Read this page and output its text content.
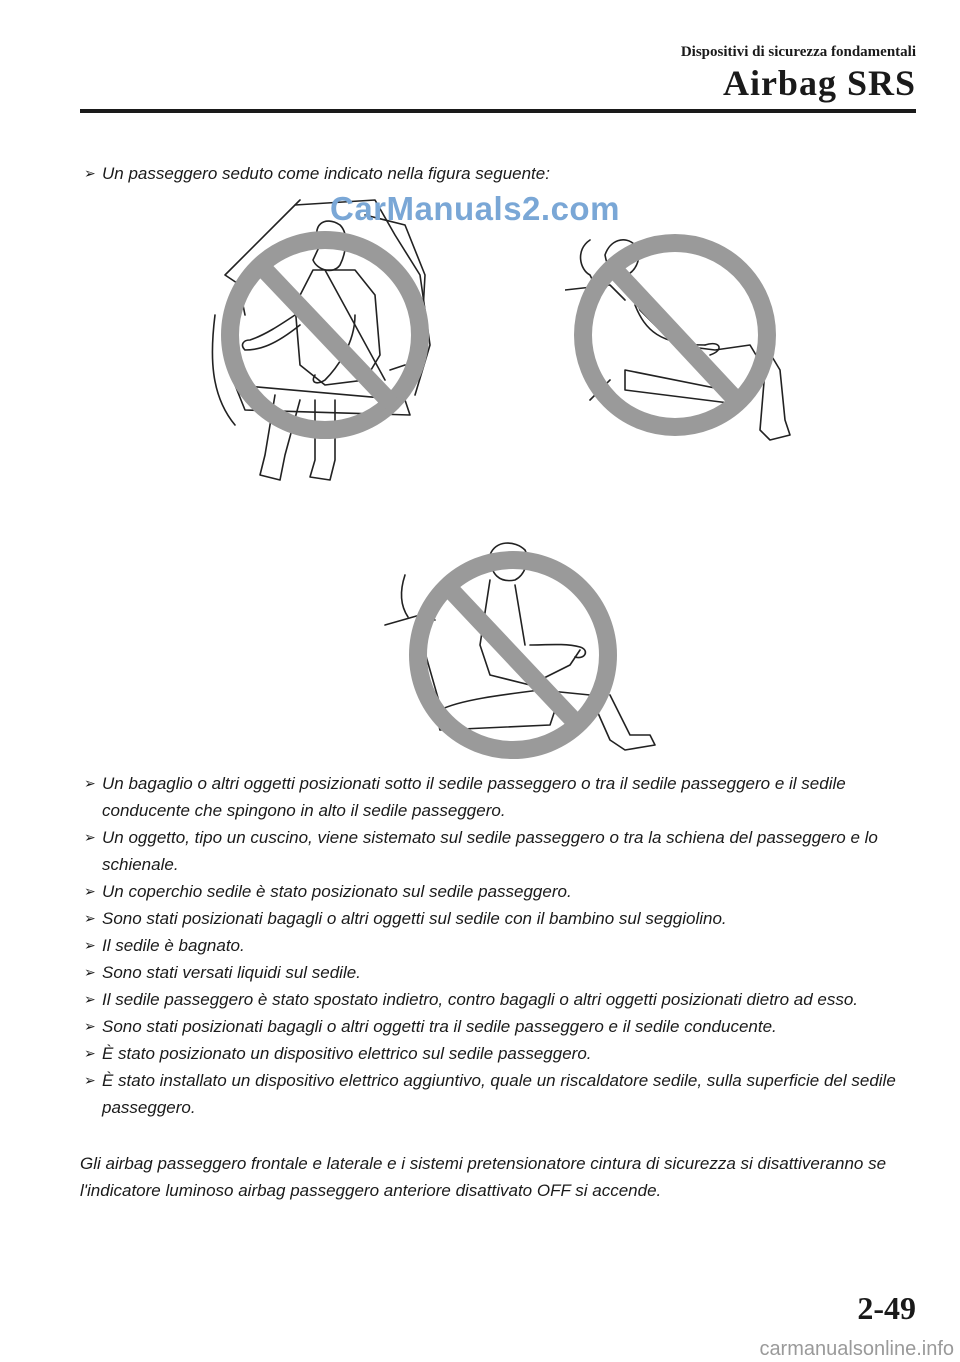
Dispositivi di sicurezza fondamentali
Airbag SRS
➢ Un passeggero seduto come indicato nella figura seguente:
CarManuals2.com
➢ Un bagaglio o altri oggetti posizionati sotto il sedile passeggero o tra il sedile passeggero e il sedile conducente che spingono in alto il sedile passeggero.
➢ Un oggetto, tipo un cuscino, viene sistemato sul sedile passeggero o tra la schiena del passeggero e lo schienale.
➢ Un coperchio sedile è stato posizionato sul sedile passeggero.
➢ Sono stati posizionati bagagli o altri oggetti sul sedile con il bambino sul seggiolino.
➢ Il sedile è bagnato.
➢ Sono stati versati liquidi sul sedile.
➢ Il sedile passeggero è stato spostato indietro, contro bagagli o altri oggetti posizionati dietro ad esso.
➢ Sono stati posizionati bagagli o altri oggetti tra il sedile passeggero e il sedile conducente.
➢ È stato posizionato un dispositivo elettrico sul sedile passeggero.
➢ È stato installato un dispositivo elettrico aggiuntivo, quale un riscaldatore sedile, sulla superficie del sedile passeggero.
Gli airbag passeggero frontale e laterale e i sistemi pretensionatore cintura di sicurezza si disattiveranno se l'indicatore luminoso airbag passeggero anteriore disattivato OFF si accende.
2-49
carmanualsonline.info
